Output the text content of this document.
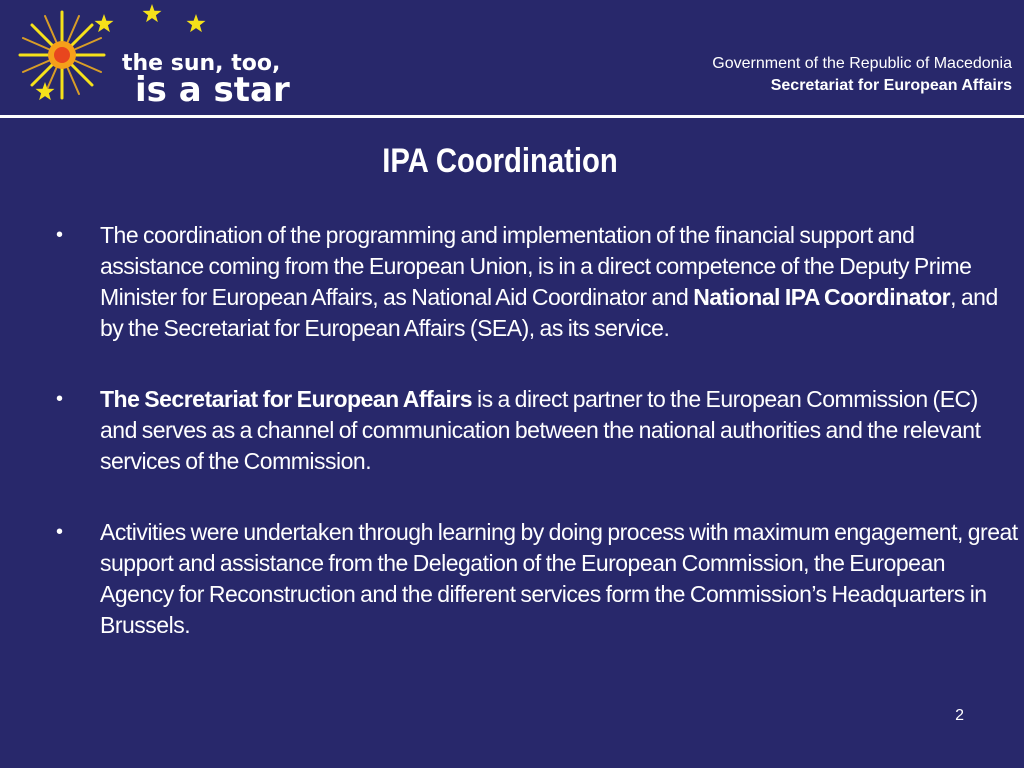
the sun, too,
is a star
Government of the Republic of Macedonia
Secretariat for European Affairs
IPA Coordination
•	The coordination of the programming and implementation of the financial support and assistance coming from the European Union, is in a direct competence of the Deputy Prime Minister for European Affairs, as National Aid Coordinator and National IPA Coordinator, and by the Secretariat for European Affairs (SEA), as its service.
•	The Secretariat for European Affairs is a direct partner to the European Commission (EC) and serves as a channel of communication between the national authorities and the relevant services of the Commission.
•	Activities were undertaken through learning by doing process with maximum engagement, great support and assistance from the Delegation of the European Commission, the European Agency for Reconstruction and the different services form the Commission’s Headquarters in Brussels.
2
